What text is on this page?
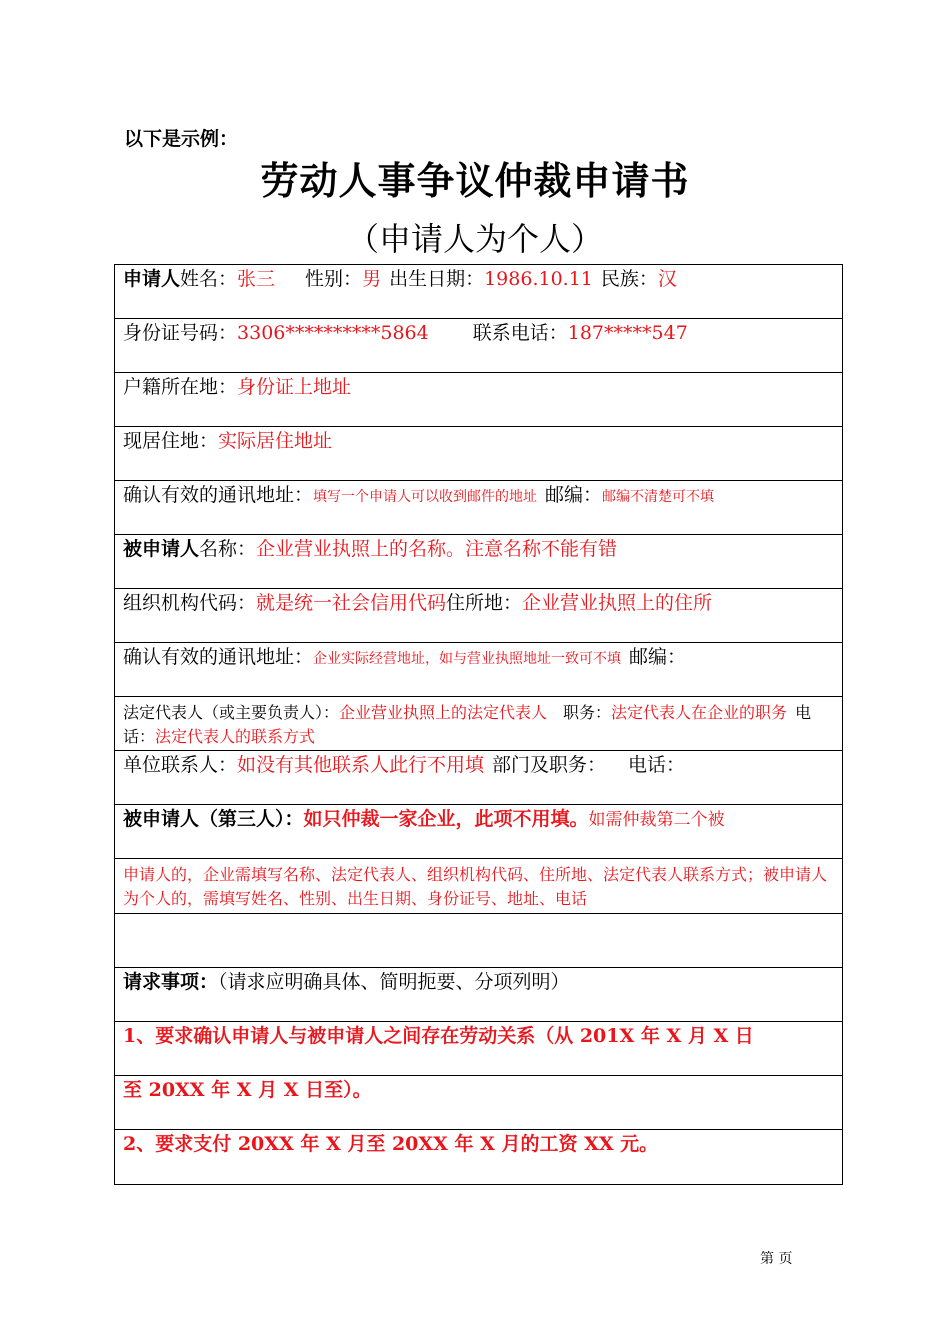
以下是示例：
劳动人事争议仲裁申请书
（申请人为个人）
申请人姓名：张三 性别：男 出生日期：1986.10.11 民族：汉
身份证号码：3306**********5864 联系电话：187*****547
户籍所在地：身份证上地址
现居住地：实际居住地址
确认有效的通讯地址：填写一个申请人可以收到邮件的地址 邮编：邮编不清楚可不填
被申请人名称：企业营业执照上的名称。注意名称不能有错
组织机构代码：就是统一社会信用代码住所地：企业营业执照上的住所
确认有效的通讯地址：企业实际经营地址，如与营业执照地址一致可不填 邮编：
法定代表人（或主要负责人）：企业营业执照上的法定代表人 职务：法定代表人在企业的职务 电话：法定代表人的联系方式
单位联系人：如没有其他联系人此行不用填 部门及职务： 电话：
被申请人（第三人）：如只仲裁一家企业，此项不用填。如需仲裁第二个被
申请人的，企业需填写名称、法定代表人、组织机构代码、住所地、法定代表人联系方式；被申请人为个人的，需填写姓名、性别、出生日期、身份证号、地址、电话
请求事项：（请求应明确具体、简明扼要、分项列明）
1、要求确认申请人与被申请人之间存在劳动关系（从 201X 年 X 月 X 日
至 20XX 年 X 月 X 日至）。
2、要求支付 20XX 年 X 月至 20XX 年 X 月的工资 XX 元。
第 页
